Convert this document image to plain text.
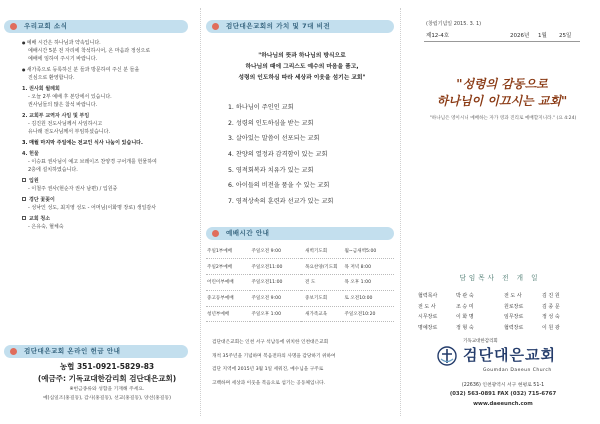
우리교회 소식
● 예배 시간은 하나님과 약속입니다.
예배시간 5분 전 자리에 착석하시어, 온 마음과 정성으로
예배에 임하여 주시기 바랍니다.
● 새가족으로 등록하신 분 들과 방문하여 주신 분 들을
진심으로 환영합니다.
1. 권사회 월례회
- 오늘 2부 예배 후 본당에서 있습니다.
권사님들의 많은 참석 바랍니다.
2. 교회부 교역자 사임 및 부임
- 김진원 전도사님께서 사임하시고
유나래 전도사님께서 부임하셨습니다.
3. 매월 마지막 주일에는 전교인 식사 나눔이 있습니다.
4. 헌물
- 이승표 권사님이 예고 브레이즈 찬양경 구어개를 헌물하여
2층에 설치하였습니다.
입원
- 이철주 권사(현순자 권사 남편) / 입원중
경단 꽃꽂이
- 성낙인 성도, 최지영 성도 - 어머님(이화명 장로) 생일감사
교회 청소
- 은유숙, 혈체숙
검단대은교회 온라인 헌금 안내
농협 351-0921-5829-83
(예금주: 기독교대한감리회 검단대은교회)
※헌금종류와 성함을 기재해 주세요.
예)십일조(홍길동), 감사(홍길동), 선교(홍길동), 양선(홍길동)
검단대은교회의 가치 및 7대 비전
"하나님의 뜻과 하나님의 방식으로
하나님의 때에 그리스도 예수의 마음을 품고,
성령의 인도하심 따라 세상과 이웃을 섬기는 교회"
1. 하나님이 주인인 교회
2. 성령의 인도하심을 받는 교회
3. 살아있는 말씀이 선포되는 교회
4. 찬양의 열정과 감격함이 있는 교회
5. 영적회복과 치유가 있는 교회
6. 아이들의 비전을 품을 수 있는 교회
7. 영적상속의 훈련과 선교가 있는 교회
예배시간 안내
주일1부예배	주일오전 9:00	새벽기도회	월~금새벽5:00
주일2부예배	주일오전11:00	목요찬양/기도회	목 저녁 8:00
어린이부예배	주일오전11:00	전 도	목 오후 1:00
중고등부예배	주일오전 9:00	중보기도회	토 오전10:00
청년부예배	주일오후 1:00	새가족교육	주일오전10:20
검단대은교회는 인천 서구 석남동에 위치한 인천대은교회
개척 35주년을 기념하며 복음전파의 사명을 감당하기 위하여
검단 지역에 2015년 3월 1일 세워진, 예수님을 구주로
고백하며 세상과 이웃을 복음으로 섬기는 공동체입니다.
(창립기념일 2015. 3. 1)
제12-4호	2026년 1월 25일
"성령의 감동으로
하나님이 이끄시는 교회"
"하나님은 영이시니 예배하는 자가 영과 진리로 예배할지니라." (요 4:24)
담임목사 전 개 일
협력목사	박 관 숙	전 도 사	김 진 원
전 도 사	조 승 미	원로장로	김 종 문
시무장로	이 화 명	임무장로	정 성 숙
명예장로	정 형 숙	협력장로	이 원 광
기독교대한감리회
검단대은교회
Goumdan Daeeun Church
(22636) 인천광역시 서구 현평로 51-1
(032) 563-0891 FAX (032) 715-6767
www.daeeunch.com
